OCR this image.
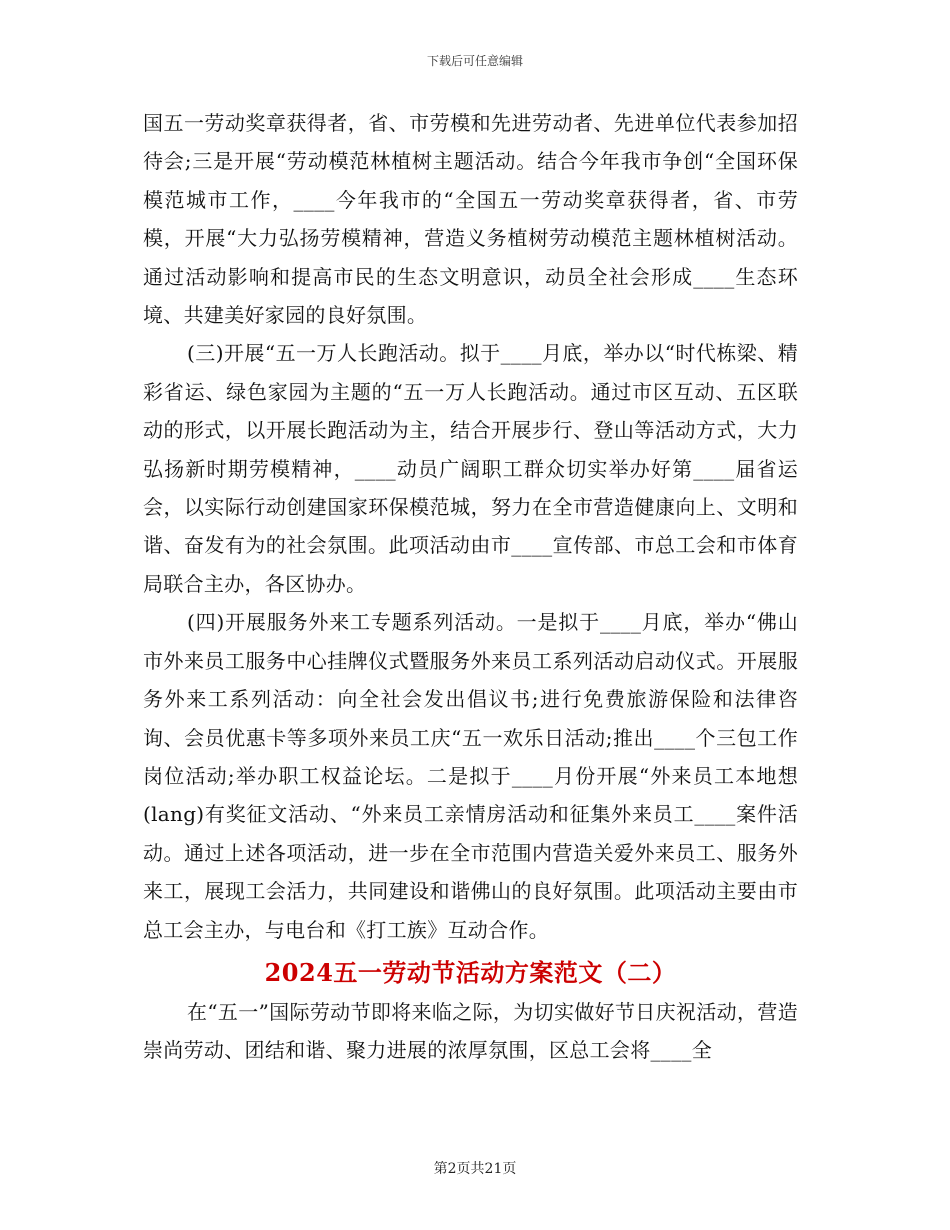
下载后可任意编辑

国五一劳动奖章获得者，省、市劳模和先进劳动者、先进单位代表参加招待会;三是开展“劳动模范林植树主题活动。结合今年我市争创“全国环保模范城市工作，____今年我市的“全国五一劳动奖章获得者，省、市劳模，开展“大力弘扬劳模精神，营造义务植树劳动模范主题林植树活动。通过活动影响和提高市民的生态文明意识，动员全社会形成____生态环境、共建美好家园的良好氛围。

(三)开展“五一万人长跑活动。拟于____月底，举办以“时代栋梁、精彩省运、绿色家园为主题的“五一万人长跑活动。通过市区互动、五区联动的形式，以开展长跑活动为主，结合开展步行、登山等活动方式，大力弘扬新时期劳模精神，____动员广阔职工群众切实举办好第____届省运会，以实际行动创建国家环保模范城，努力在全市营造健康向上、文明和谐、奋发有为的社会氛围。此项活动由市____宣传部、市总工会和市体育局联合主办，各区协办。

(四)开展服务外来工专题系列活动。一是拟于____月底，举办“佛山市外来员工服务中心挂牌仪式暨服务外来员工系列活动启动仪式。开展服务外来工系列活动：向全社会发出倡议书;进行免费旅游保险和法律咨询、会员优惠卡等多项外来员工庆“五一欢乐日活动;推出____个三包工作岗位活动;举办职工权益论坛。二是拟于____月份开展“外来员工本地想(lang)有奖征文活动、“外来员工亲情房活动和征集外来员工____案件活动。通过上述各项活动，进一步在全市范围内营造关爱外来员工、服务外来工，展现工会活力，共同建设和谐佛山的良好氛围。此项活动主要由市总工会主办，与电台和《打工族》互动合作。

2024五一劳动节活动方案范文（二）

在“五一”国际劳动节即将来临之际，为切实做好节日庆祝活动，营造崇尚劳动、团结和谐、聚力进展的浓厚氛围，区总工会将____全

第2页共21页
